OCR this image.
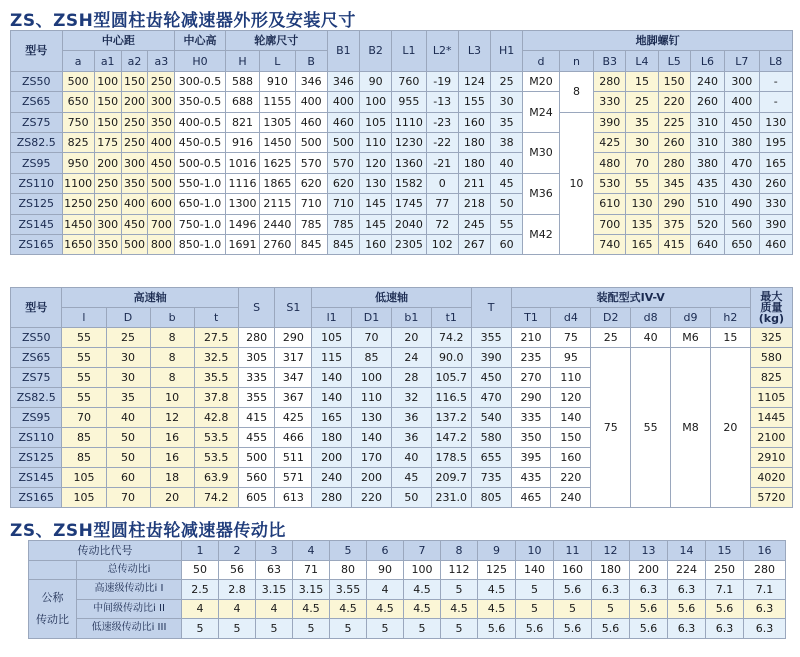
ZS、ZSH型圆柱齿轮减速器外形及安装尺寸
型号	中心距				中心高	轮廓尺寸			B1	B2	L1	L2*	L3	H1	地脚螺钉							
	a	a1	a2	a3	H0	H	L	B							d	n	B3	L4	L5	L6	L7	L8
ZS50	500	100	150	250	300-0.5	588	910	346	346	90	760	-19	124	25	M20	8	280	15	150	240	300	-
ZS65	650	150	200	300	350-0.5	688	1155	400	400	100	955	-13	155	30	M24		330	25	220	260	400	-
ZS75	750	150	250	350	400-0.5	821	1305	460	460	105	1110	-23	160	35		10	390	35	225	310	450	130
ZS82.5	825	175	250	400	450-0.5	916	1450	500	500	110	1230	-22	180	38	M30		425	30	260	310	380	195
ZS95	950	200	300	450	500-0.5	1016	1625	570	570	120	1360	-21	180	40			480	70	280	380	470	165
ZS110	1100	250	350	500	550-1.0	1116	1865	620	620	130	1582	0	211	45	M36		530	55	345	435	430	260
ZS125	1250	250	400	600	650-1.0	1300	2115	710	710	145	1745	77	218	50			610	130	290	510	490	330
ZS145	1450	300	450	700	750-1.0	1496	2440	785	785	145	2040	72	245	55	M42		700	135	375	520	560	390
ZS165	1650	350	500	800	850-1.0	1691	2760	845	845	160	2305	102	267	60			740	165	415	640	650	460
型号	高速轴				S	S1	低速轴				T	装配型式IV-V						最大
质量
(kg)
	l	D	b	t			l1	D1	b1	t1		T1	d4	D2	d8	d9	h2	
ZS50	55	25	8	27.5	280	290	105	70	20	74.2	355	210	75	25	40	M6	15	325
ZS65	55	30	8	32.5	305	317	115	85	24	90.0	390	235	95	75	55	M8	20	580
ZS75	55	30	8	35.5	335	347	140	100	28	105.7	450	270	110					825
ZS82.5	55	35	10	37.8	355	367	140	110	32	116.5	470	290	120					1105
ZS95	70	40	12	42.8	415	425	165	130	36	137.2	540	335	140					1445
ZS110	85	50	16	53.5	455	466	180	140	36	147.2	580	350	150					2100
ZS125	85	50	16	53.5	500	511	200	170	40	178.5	655	395	160					2910
ZS145	105	60	18	63.9	560	571	240	200	45	209.7	735	435	220					4020
ZS165	105	70	20	74.2	605	613	280	220	50	231.0	805	465	240					5720
ZS、ZSH型圆柱齿轮减速器传动比
传动比代号		1	2	3	4	5	6	7	8	9	10	11	12	13	14	15	16
	总传动比i	50	56	63	71	80	90	100	112	125	140	160	180	200	224	250	280
公称

传动比	高速级传动比i I	2.5	2.8	3.15	3.15	3.55	4	4.5	5	4.5	5	5.6	6.3	6.3	6.3	7.1	7.1
	中间级传动比i II	4	4	4	4.5	4.5	4.5	4.5	4.5	4.5	5	5	5	5.6	5.6	5.6	6.3
	低速级传动比i III	5	5	5	5	5	5	5	5	5.6	5.6	5.6	5.6	5.6	6.3	6.3	6.3
